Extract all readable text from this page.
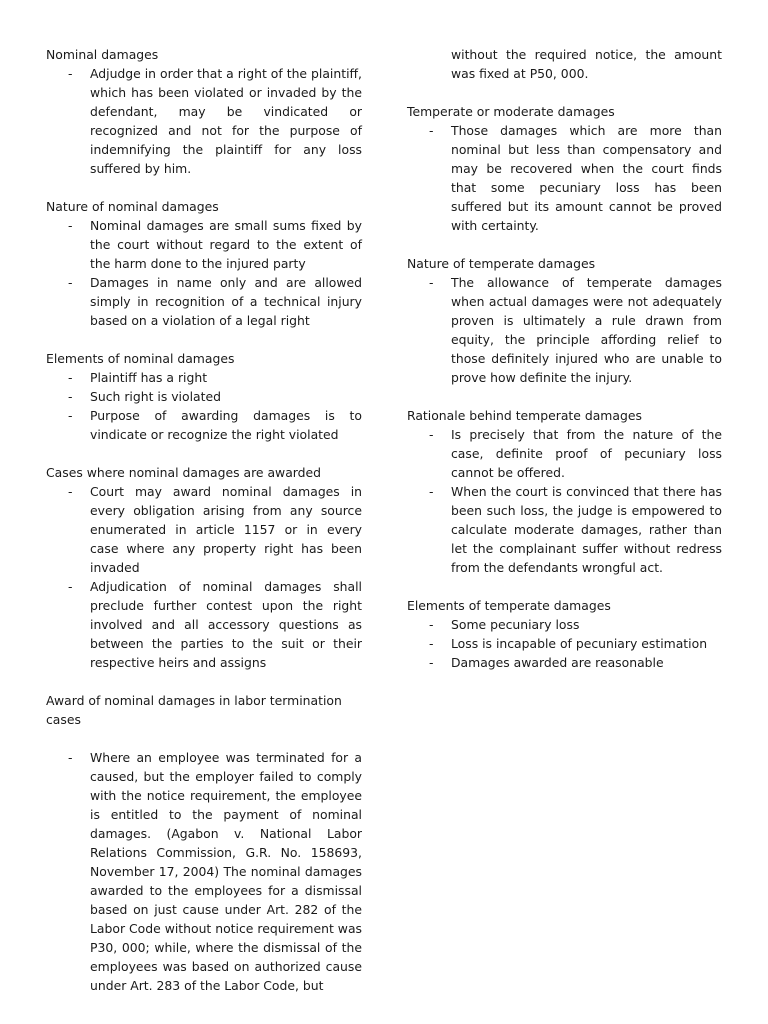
Nominal damages

- Adjudge in order that a right of the plaintiff, which has been violated or invaded by the defendant, may be vindicated or recognized and not for the purpose of indemnifying the plaintiff for any loss suffered by him.

Nature of nominal damages

- Nominal damages are small sums fixed by the court without regard to the extent of the harm done to the injured party
- Damages in name only and are allowed simply in recognition of a technical injury based on a violation of a legal right

Elements of nominal damages

- Plaintiff has a right
- Such right is violated
- Purpose of awarding damages is to vindicate or recognize the right violated

Cases where nominal damages are awarded

- Court may award nominal damages in every obligation arising from any source enumerated in article 1157 or in every case where any property right has been invaded
- Adjudication of nominal damages shall preclude further contest upon the right involved and all accessory questions as between the parties to the suit or their respective heirs and assigns

Award of nominal damages in labor termination cases

- Where an employee was terminated for a caused, but the employer failed to comply with the notice requirement, the employee is entitled to the payment of nominal damages. (Agabon v. National Labor Relations Commission, G.R. No. 158693, November 17, 2004) The nominal damages awarded to the employees for a dismissal based on just cause under Art. 282 of the Labor Code without notice requirement was P30, 000; while, where the dismissal of the employees was based on authorized cause under Art. 283 of the Labor Code, but
without the required notice, the amount was fixed at P50, 000.

Temperate or moderate damages

- Those damages which are more than nominal but less than compensatory and may be recovered when the court finds that some pecuniary loss has been suffered but its amount cannot be proved with certainty.

Nature of temperate damages

- The allowance of temperate damages when actual damages were not adequately proven is ultimately a rule drawn from equity, the principle affording relief to those definitely injured who are unable to prove how definite the injury.

Rationale behind temperate damages

- Is precisely that from the nature of the case, definite proof of pecuniary loss cannot be offered.
- When the court is convinced that there has been such loss, the judge is empowered to calculate moderate damages, rather than let the complainant suffer without redress from the defendants wrongful act.

Elements of temperate damages

- Some pecuniary loss
- Loss is incapable of pecuniary estimation
- Damages awarded are reasonable
